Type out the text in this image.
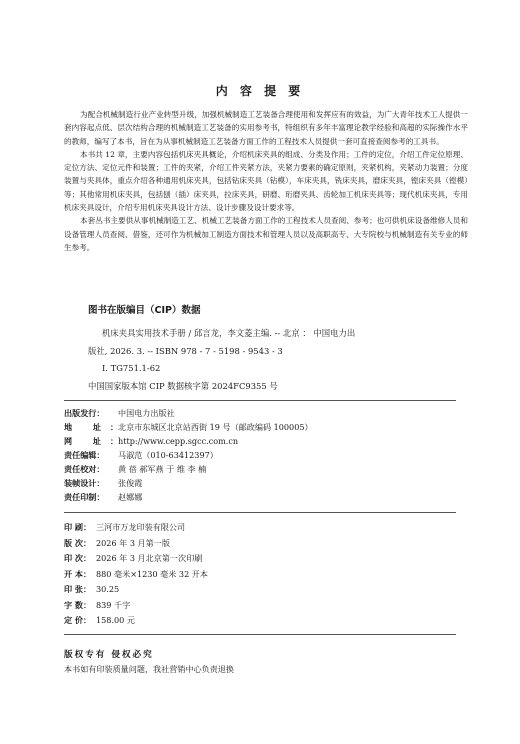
内 容 提 要

为配合机械制造行业产业转型升级，加强机械制造工艺装备合理使用和发挥应有的效益，为广大青年技术工人提供一套内容起点低、层次结构合理的机械制造工艺装备的实用参考书，特组织有多年丰富理论教学经验和高超的实际操作水平的教师，编写了本书，旨在为从事机械制造工艺装备方面工作的工程技术人员提供一套可直接查阅参考的工具书。

本书共 12 章，主要内容包括机床夹具概论，介绍机床夹具的组成、分类及作用；工件的定位，介绍工件定位原理、定位方法、定位元件和装置；工件的夹紧，介绍工件夹紧方法，夹紧力要素的确定原则，夹紧机构，夹紧动力装置；分度装置与夹具体，重点介绍各种通用机床夹具，包括钻床夹具（钻模），车床夹具，铣床夹具，磨床夹具，镗床夹具（镗模）等；其他常用机床夹具，包括刨（插）床夹具，拉床夹具，研磨、珩磨夹具、齿轮加工机床夹具等；现代机床夹具，专用机床夹具设计，介绍专用机床夹具设计方法、设计步骤及设计要求等。

本套丛书主要供从事机械制造工艺、机械工艺装备方面工作的工程技术人员查阅、参考；也可供机床设备维修人员和设备管理人员查阅、借鉴，还可作为机械加工制造方面技术和管理人员以及高职高专、大专院校与机械制造有关专业的师生参考。

图书在版编目（CIP）数据
机床夹具实用技术手册 / 邱言龙，李文菱主编. -- 北京 ： 中国电力出
版社, 2026. 3. -- ISBN 978 - 7 - 5198 - 9543 - 3
Ⅰ. TG751.1-62
中国国家版本馆 CIP 数据核字第 2024FC9355 号
出版发行：	中国电力出版社
地 址：
北京市东城区北京站西街 19 号（邮政编码 100005）
网 址：
http://www.cepp.sgcc.com.cn
责任编辑：	马淑范（010-63412397）
责任校对：	黄 蓓 郝军燕 于 维 李 楠
装帧设计：	张俊霞
责任印制：	赵娜娜
印 刷： 三河市万龙印装有限公司
版 次： 2026 年 3 月第一版
印 次： 2026 年 3 月北京第一次印刷
开 本： 880 毫米×1230 毫米 32 开本
印 张： 30.25
字 数： 839 千字
定 价： 158.00 元
版权专有 侵权必究
本书如有印装质量问题，我社营销中心负责退换
